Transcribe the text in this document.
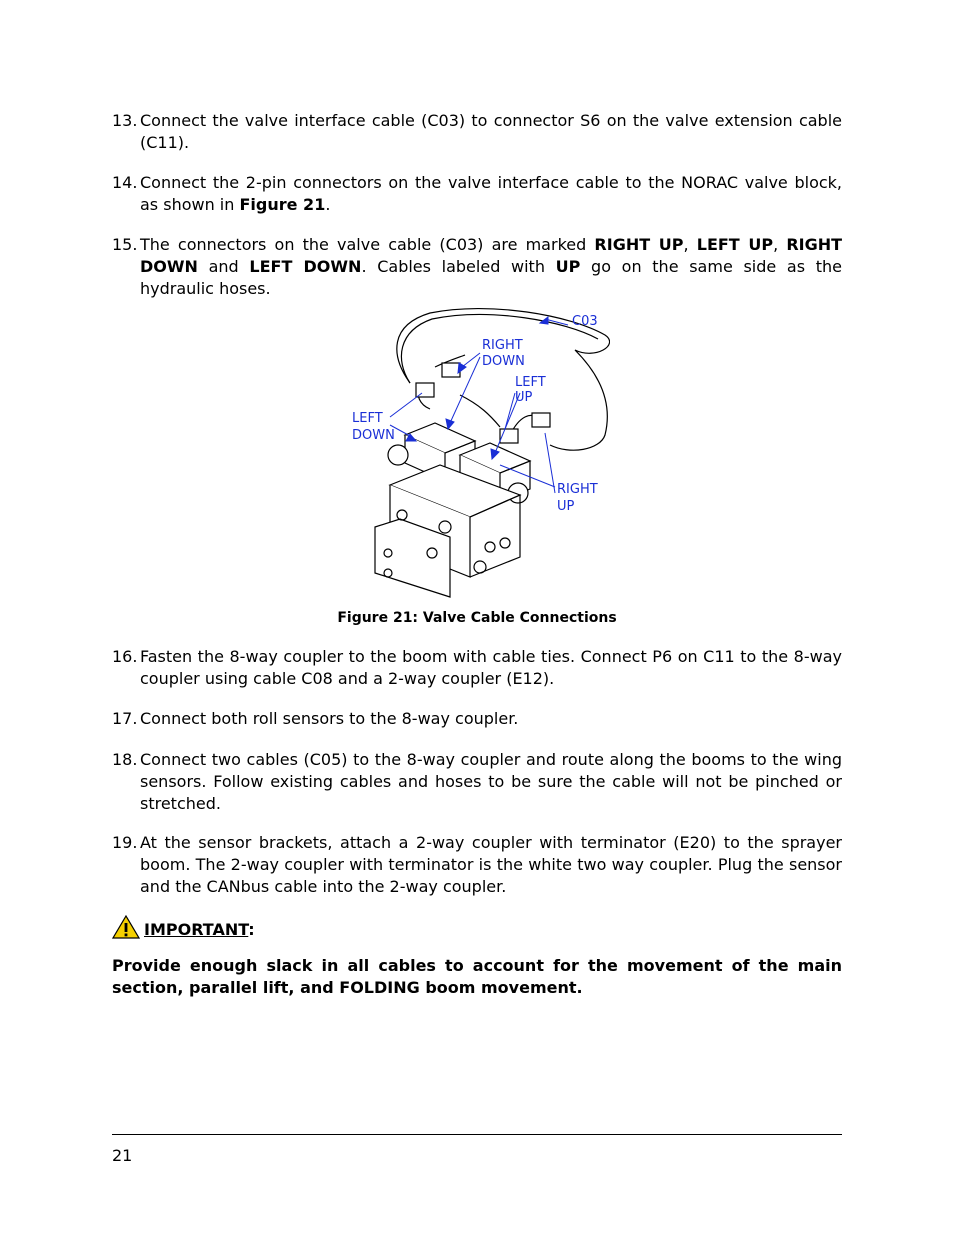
13. Connect the valve interface cable (C03) to connector S6 on the valve extension cable (C11).
14. Connect the 2-pin connectors on the valve interface cable to the NORAC valve block, as shown in Figure 21.
15. The connectors on the valve cable (C03) are marked RIGHT UP, LEFT UP, RIGHT DOWN and LEFT DOWN. Cables labeled with UP go on the same side as the hydraulic hoses.
C03
RIGHT
DOWN
LEFT
UP
LEFT
DOWN
RIGHT
UP
Figure 21: Valve Cable Connections
16. Fasten the 8-way coupler to the boom with cable ties. Connect P6 on C11 to the 8-way coupler using cable C08 and a 2-way coupler (E12).
17. Connect both roll sensors to the 8-way coupler.
18. Connect two cables (C05) to the 8-way coupler and route along the booms to the wing sensors. Follow existing cables and hoses to be sure the cable will not be pinched or stretched.
19. At the sensor brackets, attach a 2-way coupler with terminator (E20) to the sprayer boom. The 2-way coupler with terminator is the white two way coupler. Plug the sensor and the CANbus cable into the 2-way coupler.
IMPORTANT:
Provide enough slack in all cables to account for the movement of the main section, parallel lift, and FOLDING boom movement.
21
